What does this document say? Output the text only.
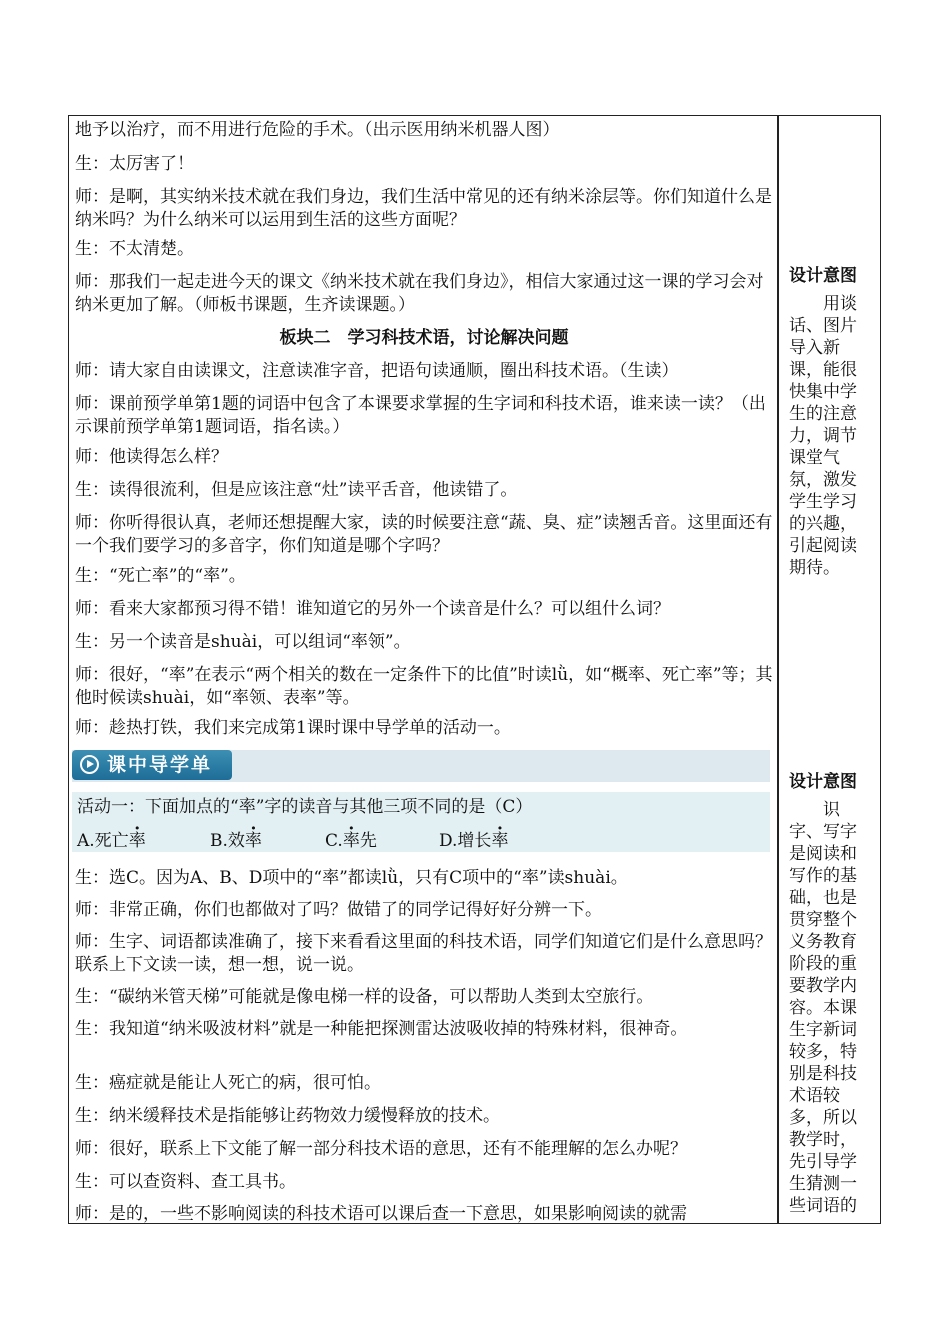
地予以治疗，而不用进行危险的手术。（出示医用纳米机器人图）
生：太厉害了！
师：是啊，其实纳米技术就在我们身边，我们生活中常见的还有纳米涂层等。你们知道什么是纳米吗？为什么纳米可以运用到生活的这些方面呢？
生：不太清楚。
师：那我们一起走进今天的课文《纳米技术就在我们身边》，相信大家通过这一课的学习会对纳米更加了解。（师板书课题，生齐读课题。）
板块二　学习科技术语，讨论解决问题
师：请大家自由读课文，注意读准字音，把语句读通顺，圈出科技术语。（生读）
师：课前预学单第1题的词语中包含了本课要求掌握的生字词和科技术语，谁来读一读？（出示课前预学单第1题词语，指名读。）
师：他读得怎么样？
生：读得很流利，但是应该注意“灶”读平舌音，他读错了。
师：你听得很认真，老师还想提醒大家，读的时候要注意“蔬、臭、症”读翘舌音。这里面还有一个我们要学习的多音字，你们知道是哪个字吗？
生：“死亡率”的“率”。
师：看来大家都预习得不错！谁知道它的另外一个读音是什么？可以组什么词？
生：另一个读音是shuài，可以组词“率领”。
师：很好，“率”在表示“两个相关的数在一定条件下的比值”时读lǜ，如“概率、死亡率”等；其他时候读shuài，如“率领、表率”等。
师：趁热打铁，我们来完成第1课时课中导学单的活动一。
课中导学单
活动一：下面加点的“率”字的读音与其他三项不同的是（C）
A.死亡率	B.效率	C.率先	D.增长率
生：选C。因为A、B、D项中的“率”都读lǜ，只有C项中的“率”读shuài。
师：非常正确，你们也都做对了吗？做错了的同学记得好好分辨一下。
师：生字、词语都读准确了，接下来看看这里面的科技术语，同学们知道它们是什么意思吗？联系上下文读一读，想一想，说一说。
生：“碳纳米管天梯”可能就是像电梯一样的设备，可以帮助人类到太空旅行。
生：我知道“纳米吸波材料”就是一种能把探测雷达波吸收掉的特殊材料，很神奇。
生：癌症就是能让人死亡的病，很可怕。
生：纳米缓释技术是指能够让药物效力缓慢释放的技术。
师：很好，联系上下文能了解一部分科技术语的意思，还有不能理解的怎么办呢？
生：可以查资料、查工具书。
师：是的，一些不影响阅读的科技术语可以课后查一下意思，如果影响阅读的就需
设计意图
用谈话、图片导入新课，能很快集中学生的注意力，调节课堂气氛，激发学生学习的兴趣，引起阅读期待。
设计意图
识字、写字是阅读和写作的基础，也是贯穿整个义务教育阶段的重要教学内容。本课生字新词较多，特别是科技术语较多，所以教学时，先引导学生猜测一些词语的
